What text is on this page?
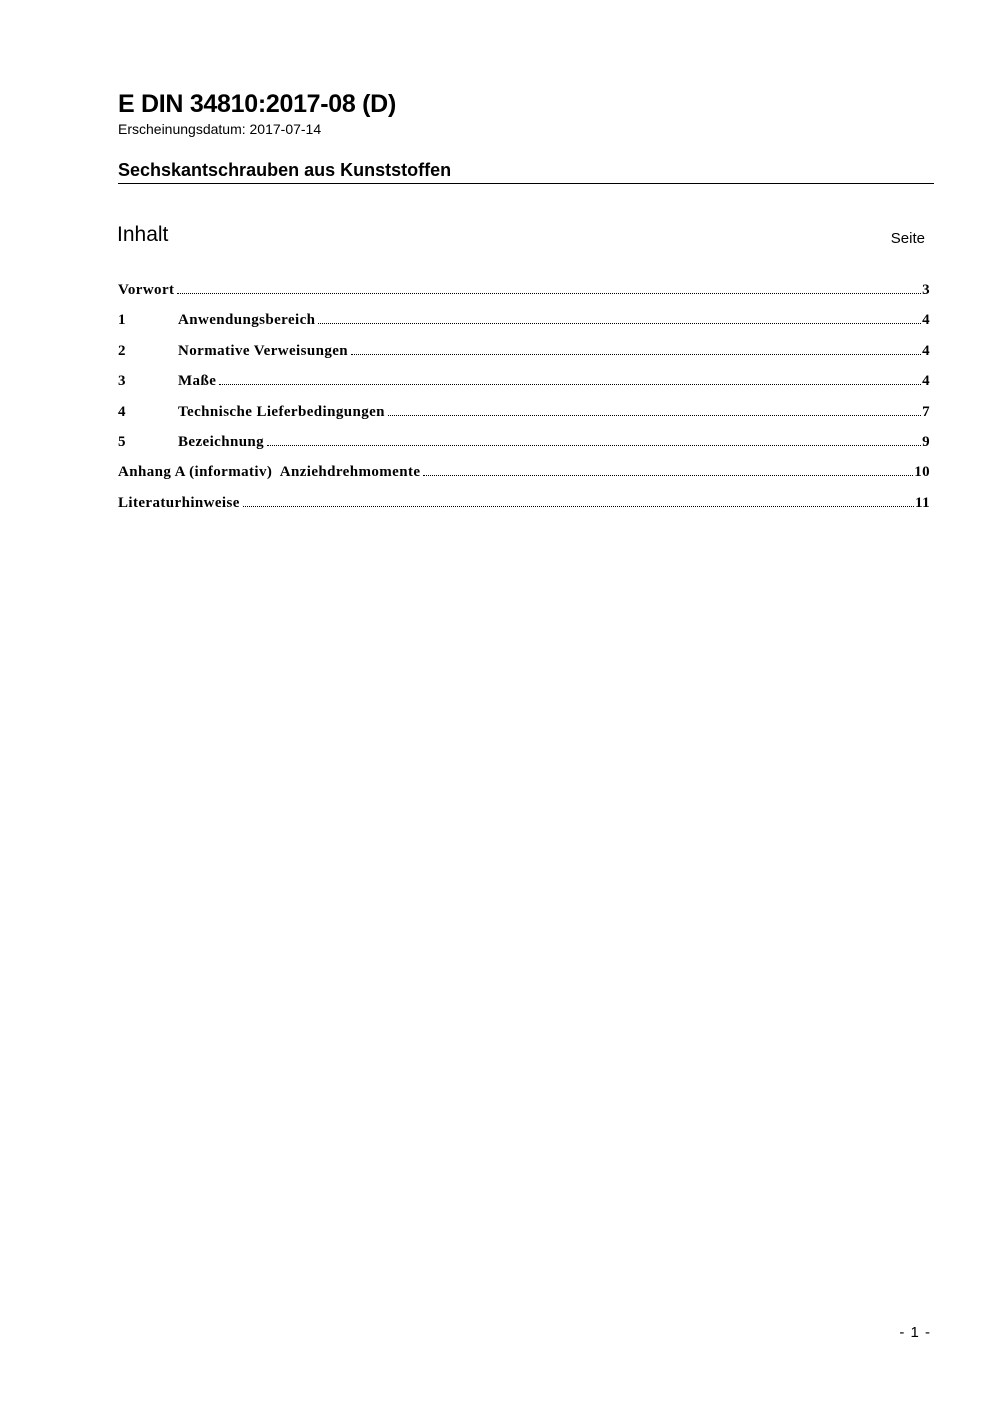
E DIN 34810:2017-08 (D)
Erscheinungsdatum: 2017-07-14
Sechskantschrauben aus Kunststoffen
Inhalt	Seite
Vorwort	3
1	Anwendungsbereich	4
2	Normative Verweisungen	4
3	Maße	4
4	Technische Lieferbedingungen	7
5	Bezeichnung	9
Anhang A (informativ)  Anziehdrehmomente	10
Literaturhinweise	11
- 1 -
